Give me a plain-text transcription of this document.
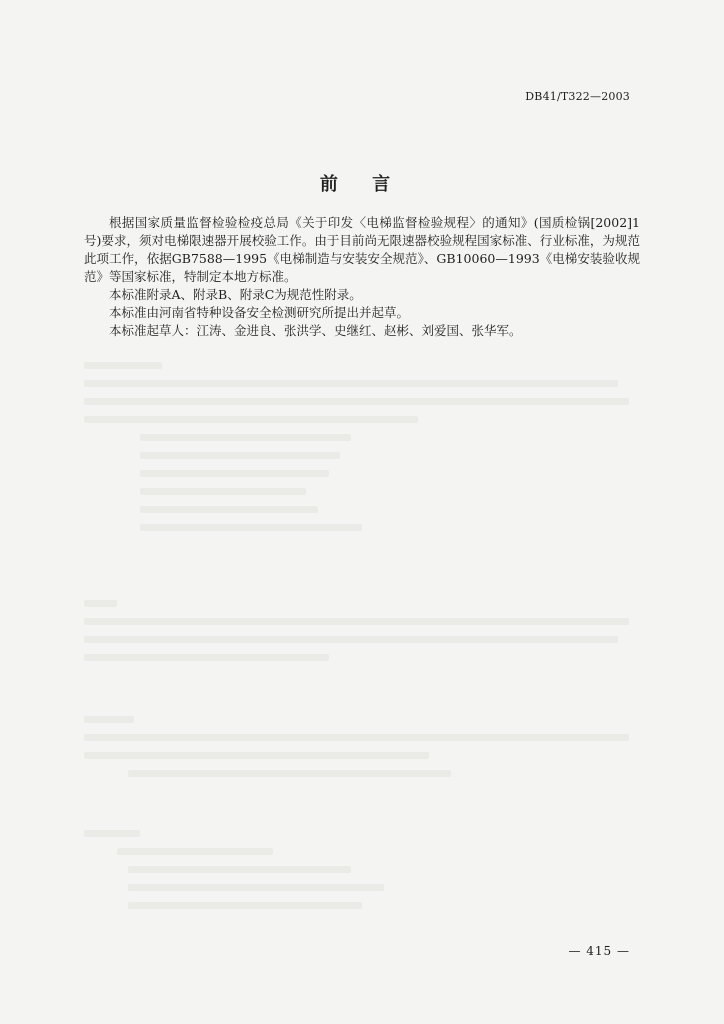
DB41/T322—2003
前 言

根据国家质量监督检验检疫总局《关于印发〈电梯监督检验规程〉的通知》(国质检锅[2002]1号)要求，须对电梯限速器开展校验工作。由于目前尚无限速器校验规程国家标准、行业标准，为规范此项工作，依据GB7588—1995《电梯制造与安装安全规范》、GB10060—1993《电梯安装验收规范》等国家标准，特制定本地方标准。

本标准附录A、附录B、附录C为规范性附录。

本标准由河南省特种设备安全检测研究所提出并起草。

本标准起草人：江涛、金进良、张洪学、史继红、赵彬、刘爱国、张华军。

— 415 —
